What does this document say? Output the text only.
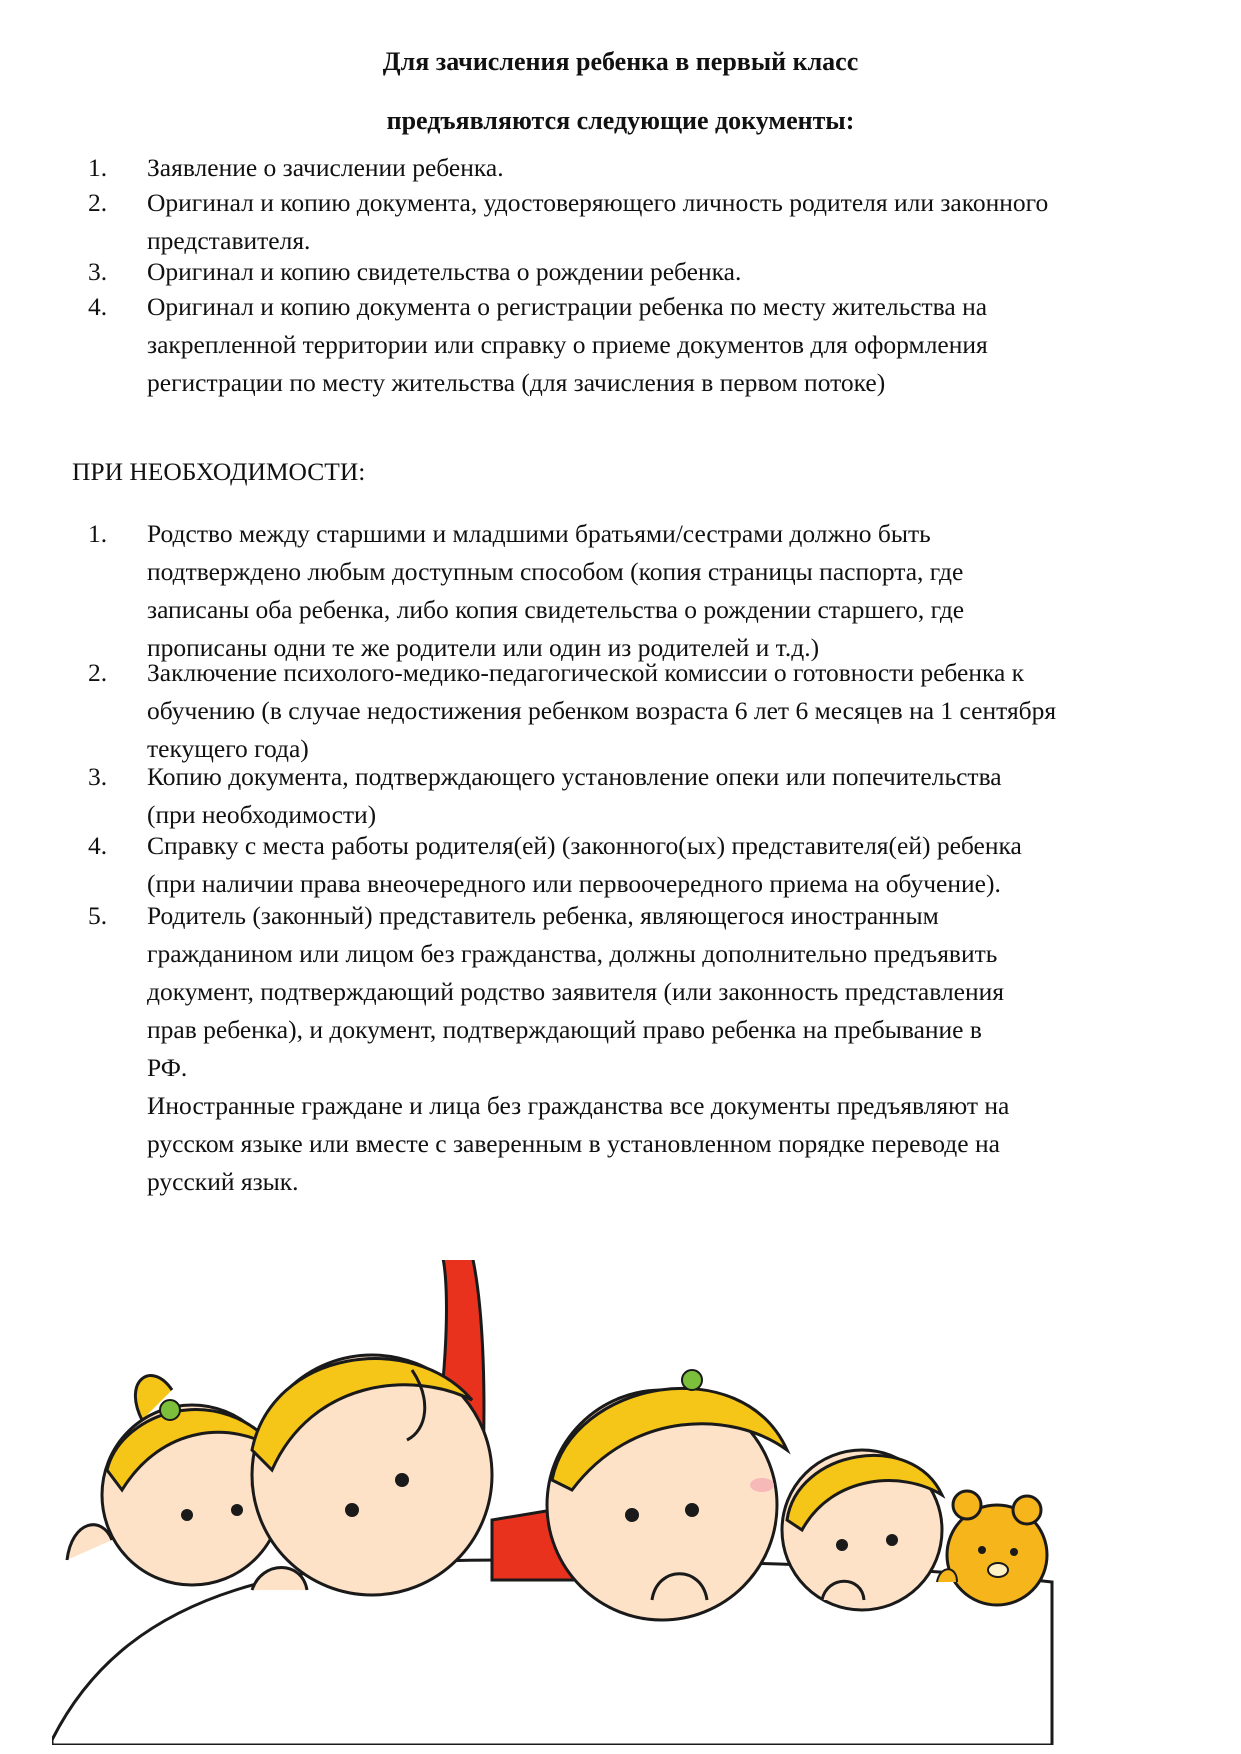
Для зачисления ребенка в первый класс
предъявляются следующие документы:
1. Заявление о зачислении ребенка.
2. Оригинал и копию документа, удостоверяющего личность родителя или законного
представителя.
3. Оригинал и копию свидетельства о рождении ребенка.
4. Оригинал и копию документа о регистрации ребенка по месту жительства на
закрепленной территории или справку о приеме документов для оформления
регистрации по месту жительства (для зачисления в первом потоке)
ПРИ НЕОБХОДИМОСТИ:
1. Родство между старшими и младшими братьями/сестрами должно быть
подтверждено любым доступным способом (копия страницы паспорта, где
записаны оба ребенка, либо копия свидетельства о рождении старшего, где
прописаны одни те же родители или один из родителей и т.д.)
2. Заключение психолого-медико-педагогической комиссии о готовности ребенка к
обучению (в случае недостижения ребенком возраста 6 лет 6 месяцев на 1 сентября
текущего года)
3. Копию документа, подтверждающего установление опеки или попечительства
(при необходимости)
4. Справку с места работы родителя(ей) (законного(ых) представителя(ей) ребенка
(при наличии права внеочередного или первоочередного приема на обучение).
5. Родитель (законный) представитель ребенка, являющегося иностранным
гражданином или лицом без гражданства, должны дополнительно предъявить
документ, подтверждающий родство заявителя (или законность представления
прав ребенка), и документ, подтверждающий право ребенка на пребывание в
РФ.
Иностранные граждане и лица без гражданства все документы предъявляют на
русском языке или вместе с заверенным в установленном порядке переводе на
русский язык.
